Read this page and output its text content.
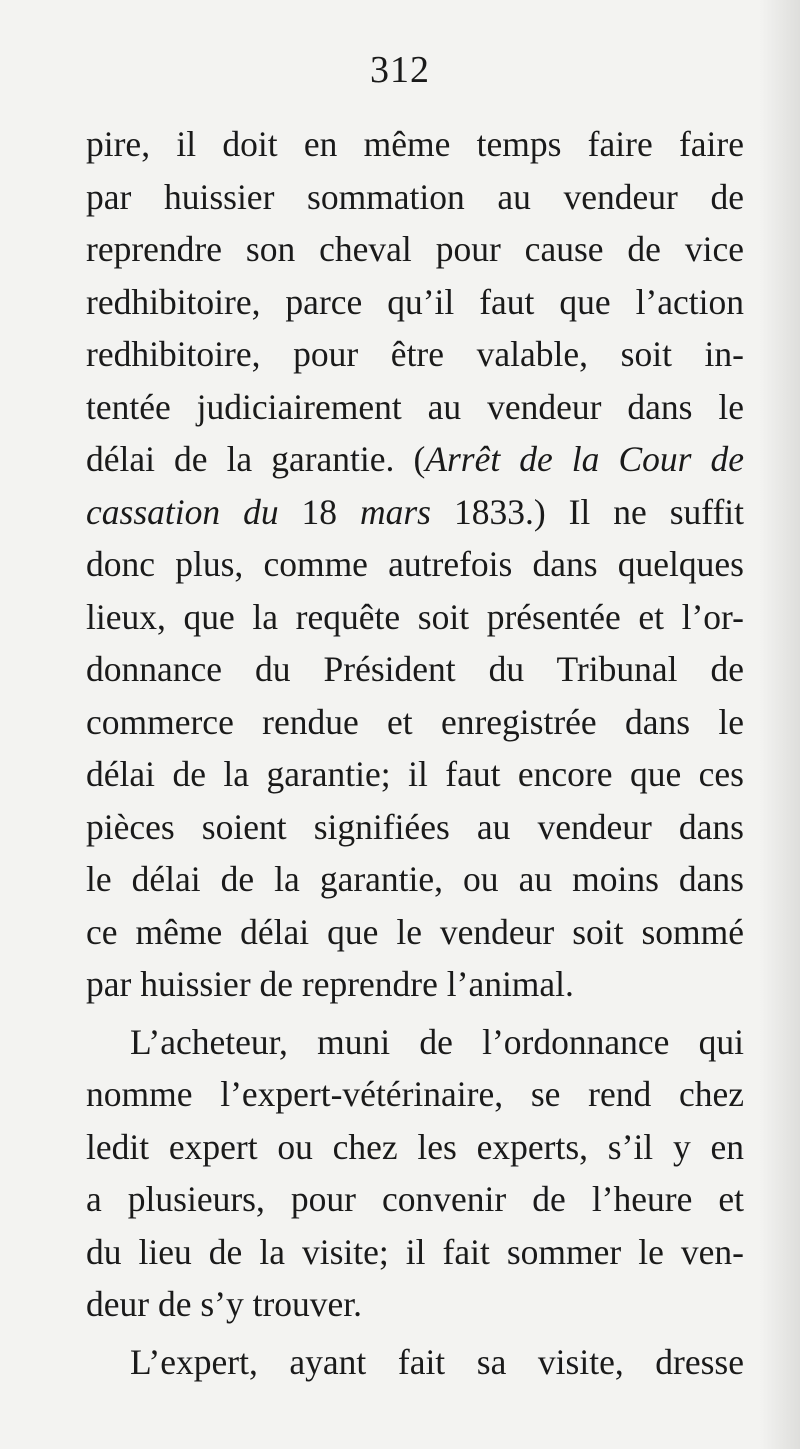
312
pire, il doit en même temps faire faire
par huissier sommation au vendeur de
reprendre son cheval pour cause de vice
redhibitoire, parce qu’il faut que l’action
redhibitoire, pour être valable, soit in-
tentée judiciairement au vendeur dans le
délai de la garantie. (Arrêt de la Cour de
cassation du 18 mars 1833.) Il ne suffit
donc plus, comme autrefois dans quelques
lieux, que la requête soit présentée et l’or-
donnance du Président du Tribunal de
commerce rendue et enregistrée dans le
délai de la garantie; il faut encore que ces
pièces soient signifiées au vendeur dans
le délai de la garantie, ou au moins dans
ce même délai que le vendeur soit sommé
par huissier de reprendre l’animal.
L’acheteur, muni de l’ordonnance qui
nomme l’expert-vétérinaire, se rend chez
ledit expert ou chez les experts, s’il y en
a plusieurs, pour convenir de l’heure et
du lieu de la visite; il fait sommer le ven-
deur de s’y trouver.
L’expert, ayant fait sa visite, dresse
